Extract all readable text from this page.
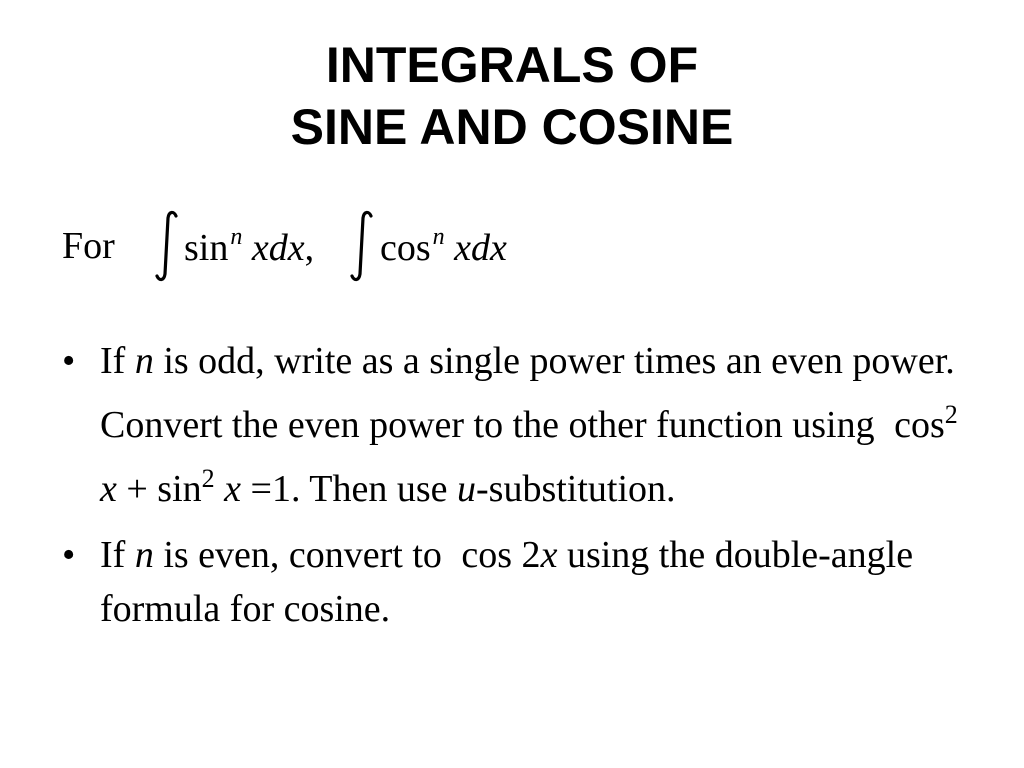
INTEGRALS OF
SINE AND COSINE
For $\sin^n$ xdx, $\cos^n$ xdx
• If n is odd, write as a single power times an even power. Convert the even power to the other function using $\cos^2 x + \sin^2 x =1$. Then use u-substitution.
• If n is even, convert to cos 2x using the double-angle formula for cosine.
